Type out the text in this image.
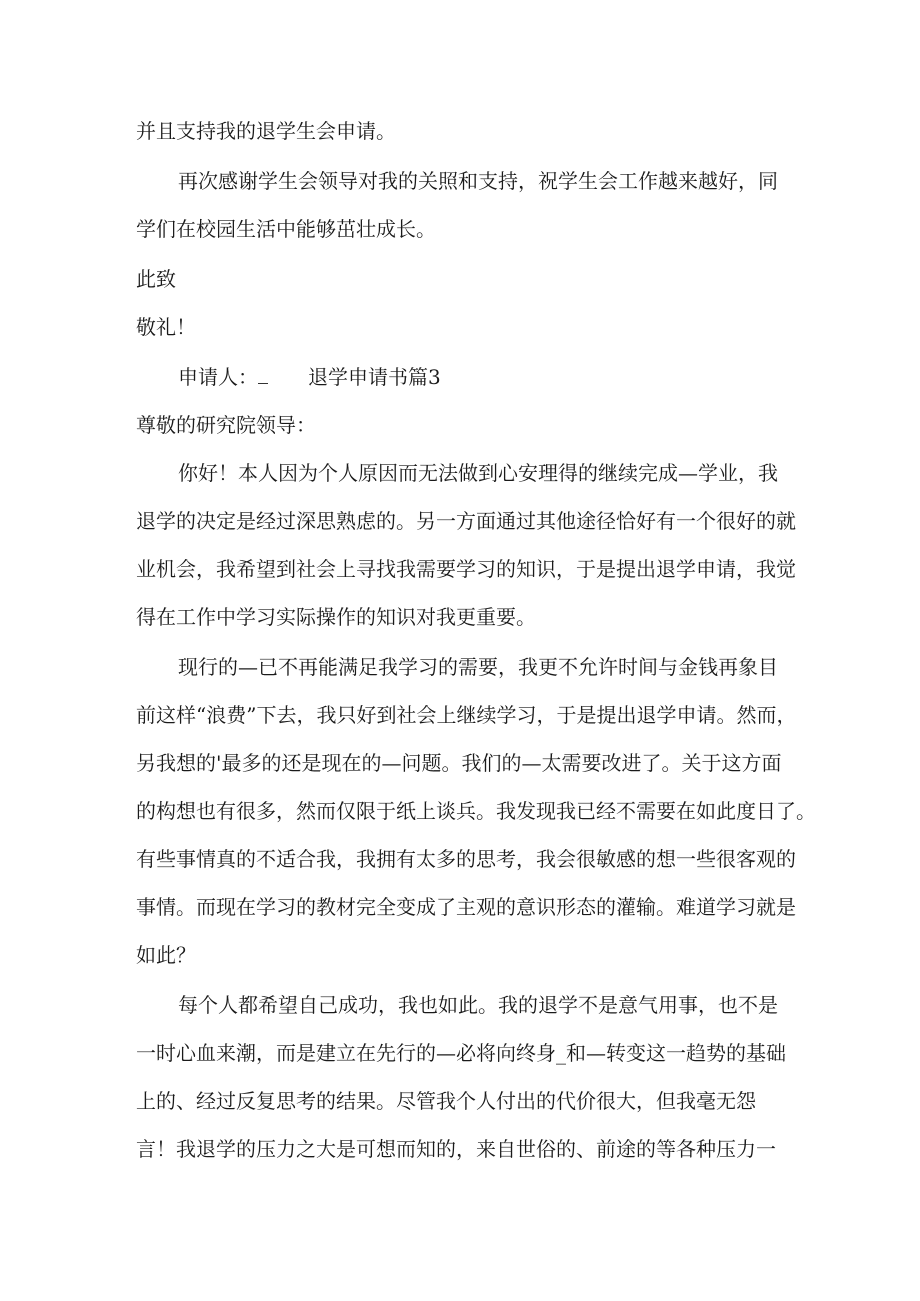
并且支持我的退学生会申请。
再次感谢学生会领导对我的关照和支持，祝学生会工作越来越好，同
学们在校园生活中能够茁壮成长。
此致
敬礼！
申请人：	退学申请书篇3
尊敬的研究院领导：
你好！本人因为个人原因而无法做到心安理得的继续完成—学业，我
退学的决定是经过深思熟虑的。另一方面通过其他途径恰好有一个很好的就
业机会，我希望到社会上寻找我需要学习的知识，于是提出退学申请，我觉
得在工作中学习实际操作的知识对我更重要。
现行的—已不再能满足我学习的需要，我更不允许时间与金钱再象目
前这样“浪费”下去，我只好到社会上继续学习，于是提出退学申请。然而，
另我想的'最多的还是现在的—问题。我们的—太需要改进了。关于这方面
的构想也有很多，然而仅限于纸上谈兵。我发现我已经不需要在如此度日了。
有些事情真的不适合我，我拥有太多的思考，我会很敏感的想一些很客观的
事情。而现在学习的教材完全变成了主观的意识形态的灌输。难道学习就是
如此？
每个人都希望自己成功，我也如此。我的退学不是意气用事，也不是
一时心血来潮，而是建立在先行的—必将向终身_和—转变这一趋势的基础
上的、经过反复思考的结果。尽管我个人付出的代价很大，但我毫无怨
言！我退学的压力之大是可想而知的，来自世俗的、前途的等各种压力一
